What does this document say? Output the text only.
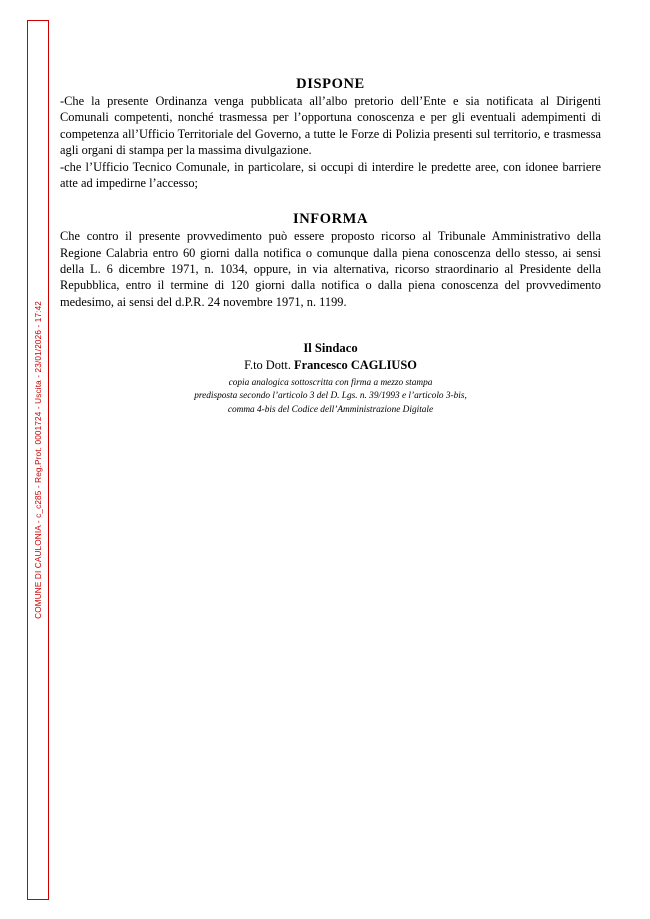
COMUNE DI CAULONIA - c_c285 - Reg.Prot. 0001724 - Uscita - 23/01/2026 - 17:42
DISPONE

-Che la presente Ordinanza venga pubblicata all’albo pretorio dell’Ente e sia notificata al Dirigenti Comunali competenti, nonché trasmessa per l’opportuna conoscenza e per gli eventuali adempimenti di competenza all’Ufficio Territoriale del Governo, a tutte le Forze di Polizia presenti sul territorio, e trasmessa agli organi di stampa per la massima divulgazione.

-che l’Ufficio Tecnico Comunale, in particolare, si occupi di interdire le predette aree, con idonee barriere atte ad impedirne l’accesso;

INFORMA

Che contro il presente provvedimento può essere proposto ricorso al Tribunale Amministrativo della Regione Calabria entro 60 giorni dalla notifica o comunque dalla piena conoscenza dello stesso, ai sensi della L. 6 dicembre 1971, n. 1034, oppure, in via alternativa, ricorso straordinario al Presidente della Repubblica, entro il termine di 120 giorni dalla notifica o dalla piena conoscenza del provvedimento medesimo, ai sensi del d.P.R. 24 novembre 1971, n. 1199.

Il Sindaco
F.to Dott. Francesco CAGLIUSO
copia analogica sottoscritta con firma a mezzo stampa
predisposta secondo l’articolo 3 del D. Lgs. n. 39/1993 e l’articolo 3-bis,
comma 4-bis del Codice dell’Amministrazione Digitale
